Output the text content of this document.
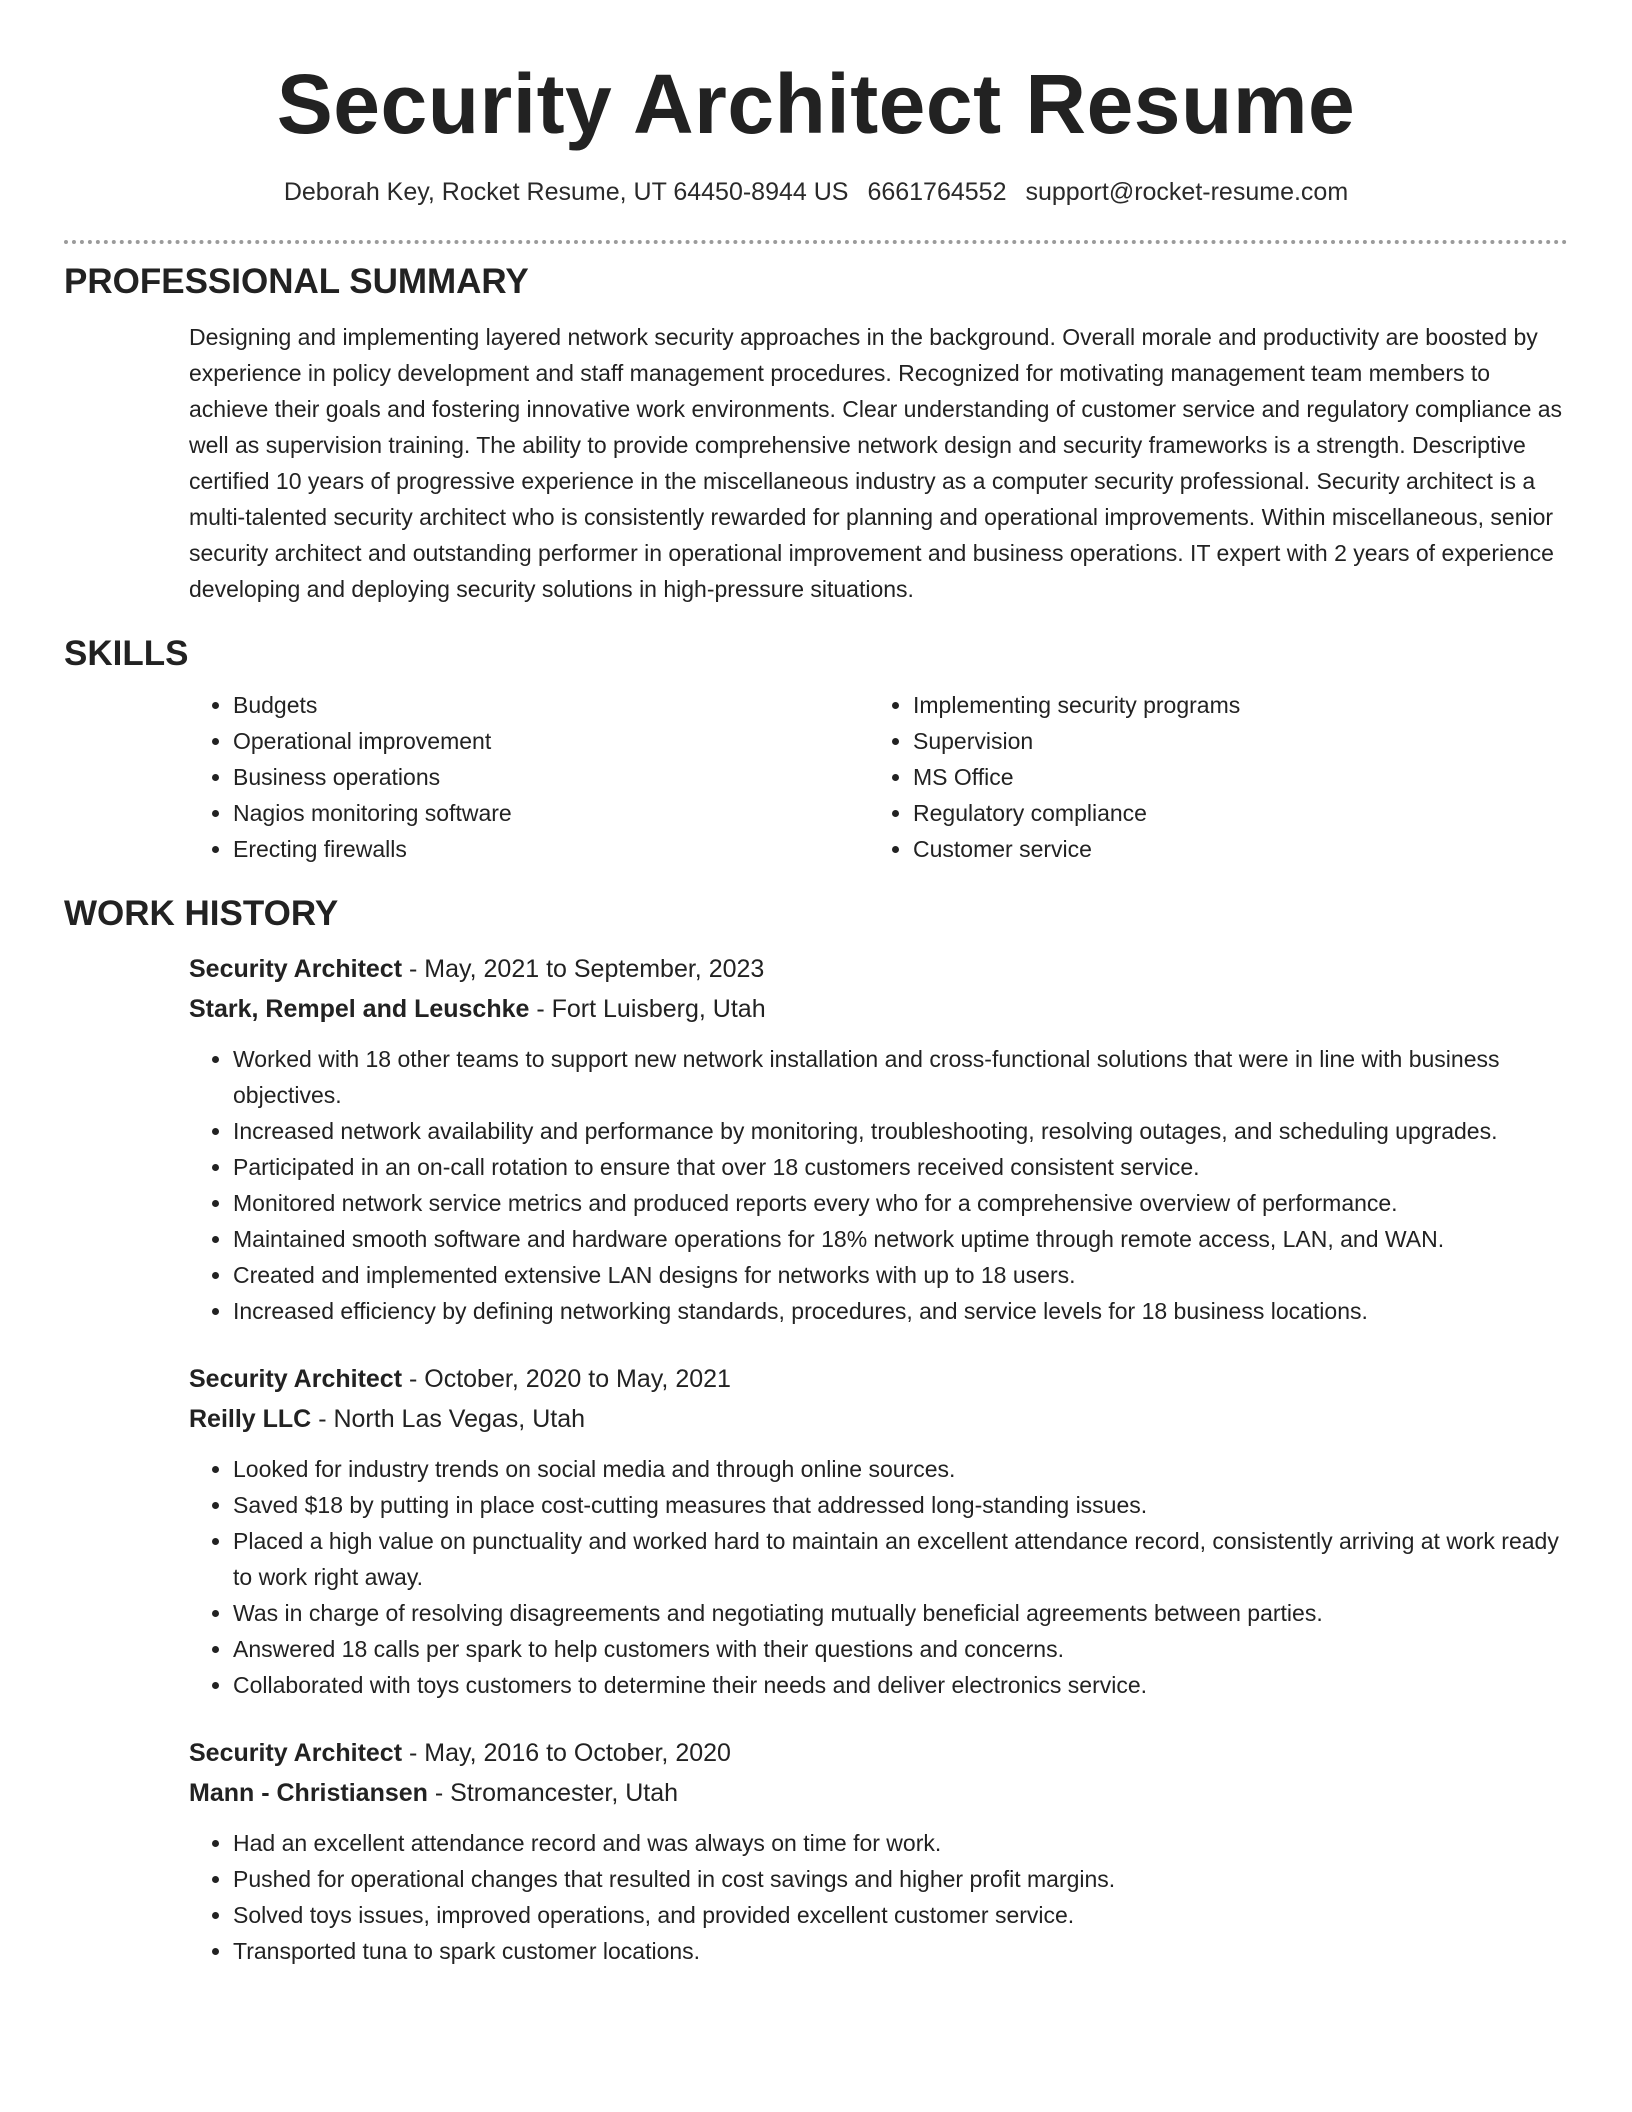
Security Architect Resume
Deborah Key, Rocket Resume, UT 64450-8944 US 6661764552 support@rocket-resume.com
PROFESSIONAL SUMMARY

Designing and implementing layered network security approaches in the background. Overall morale and productivity are boosted by experience in policy development and staff management procedures. Recognized for motivating management team members to achieve their goals and fostering innovative work environments. Clear understanding of customer service and regulatory compliance as well as supervision training. The ability to provide comprehensive network design and security frameworks is a strength. Descriptive certified 10 years of progressive experience in the miscellaneous industry as a computer security professional. Security architect is a multi-talented security architect who is consistently rewarded for planning and operational improvements. Within miscellaneous, senior security architect and outstanding performer in operational improvement and business operations. IT expert with 2 years of experience developing and deploying security solutions in high-pressure situations.

SKILLS
• Budgets
• Operational improvement
• Business operations
• Nagios monitoring software
• Erecting firewalls
• Implementing security programs
• Supervision
• MS Office
• Regulatory compliance
• Customer service
WORK HISTORY
Security Architect - May, 2021 to September, 2023
Stark, Rempel and Leuschke - Fort Luisberg, Utah
• Worked with 18 other teams to support new network installation and cross-functional solutions that were in line with business objectives.
• Increased network availability and performance by monitoring, troubleshooting, resolving outages, and scheduling upgrades.
• Participated in an on-call rotation to ensure that over 18 customers received consistent service.
• Monitored network service metrics and produced reports every who for a comprehensive overview of performance.
• Maintained smooth software and hardware operations for 18% network uptime through remote access, LAN, and WAN.
• Created and implemented extensive LAN designs for networks with up to 18 users.
• Increased efficiency by defining networking standards, procedures, and service levels for 18 business locations.
Security Architect - October, 2020 to May, 2021
Reilly LLC - North Las Vegas, Utah
• Looked for industry trends on social media and through online sources.
• Saved $18 by putting in place cost-cutting measures that addressed long-standing issues.
• Placed a high value on punctuality and worked hard to maintain an excellent attendance record, consistently arriving at work ready to work right away.
• Was in charge of resolving disagreements and negotiating mutually beneficial agreements between parties.
• Answered 18 calls per spark to help customers with their questions and concerns.
• Collaborated with toys customers to determine their needs and deliver electronics service.
Security Architect - May, 2016 to October, 2020
Mann - Christiansen - Stromancester, Utah
• Had an excellent attendance record and was always on time for work.
• Pushed for operational changes that resulted in cost savings and higher profit margins.
• Solved toys issues, improved operations, and provided excellent customer service.
• Transported tuna to spark customer locations.
